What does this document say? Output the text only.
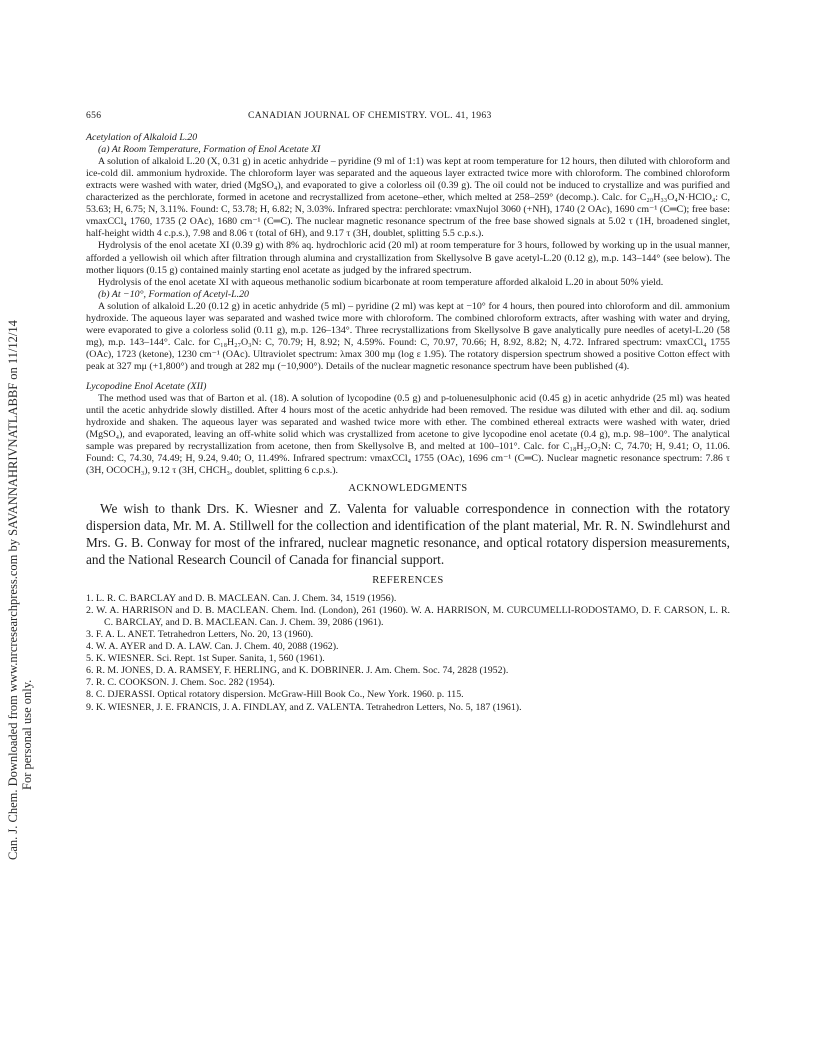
Can. J. Chem. Downloaded from www.nrcresearchpress.com by SAVANNAHRIVNATLABBF on 11/12/14 For personal use only.
656	CANADIAN JOURNAL OF CHEMISTRY. VOL. 41, 1963

Acetylation of Alkaloid L.20

(a) At Room Temperature, Formation of Enol Acetate XI

A solution of alkaloid L.20 (X, 0.31 g) in acetic anhydride – pyridine (9 ml of 1:1) was kept at room temperature for 12 hours, then diluted with chloroform and ice-cold dil. ammonium hydroxide. The chloroform layer was separated and the aqueous layer extracted twice more with chloroform. The combined chloroform extracts were washed with water, dried (MgSO₄), and evaporated to give a colorless oil (0.39 g). The oil could not be induced to crystallize and was purified and characterized as the perchlorate, formed in acetone and recrystallized from acetone–ether, which melted at 258–259° (decomp.). Calc. for C₂₀H₃₃O₄N·HClO₄: C, 53.63; H, 6.75; N, 3.11%. Found: C, 53.78; H, 6.82; N, 3.03%. Infrared spectra: perchlorate: νmaxNujol 3060 (+NH), 1740 (2 OAc), 1690 cm⁻¹ (C═C); free base: νmaxCCl₄ 1760, 1735 (2 OAc), 1680 cm⁻¹ (C═C). The nuclear magnetic resonance spectrum of the free base showed signals at 5.02 τ (1H, broadened singlet, half-height width 4 c.p.s.), 7.98 and 8.06 τ (total of 6H), and 9.17 τ (3H, doublet, splitting 5.5 c.p.s.).

Hydrolysis of the enol acetate XI (0.39 g) with 8% aq. hydrochloric acid (20 ml) at room temperature for 3 hours, followed by working up in the usual manner, afforded a yellowish oil which after filtration through alumina and crystallization from Skellysolve B gave acetyl-L.20 (0.12 g), m.p. 143–144° (see below). The mother liquors (0.15 g) contained mainly starting enol acetate as judged by the infrared spectrum.

Hydrolysis of the enol acetate XI with aqueous methanolic sodium bicarbonate at room temperature afforded alkaloid L.20 in about 50% yield.

(b) At −10°, Formation of Acetyl-L.20

A solution of alkaloid L.20 (0.12 g) in acetic anhydride (5 ml) – pyridine (2 ml) was kept at −10° for 4 hours, then poured into chloroform and dil. ammonium hydroxide. The aqueous layer was separated and washed twice more with chloroform. The combined chloroform extracts, after washing with water and drying, were evaporated to give a colorless solid (0.11 g), m.p. 126–134°. Three recrystallizations from Skellysolve B gave analytically pure needles of acetyl-L.20 (58 mg), m.p. 143–144°. Calc. for C₁₈H₂₇O₃N: C, 70.79; H, 8.92; N, 4.59%. Found: C, 70.97, 70.66; H, 8.92, 8.82; N, 4.72. Infrared spectrum: νmaxCCl₄ 1755 (OAc), 1723 (ketone), 1230 cm⁻¹ (OAc). Ultraviolet spectrum: λmax 300 mμ (log ε 1.95). The rotatory dispersion spectrum showed a positive Cotton effect with peak at 327 mμ (+1,800°) and trough at 282 mμ (−10,900°). Details of the nuclear magnetic resonance spectrum have been published (4).

Lycopodine Enol Acetate (XII)

The method used was that of Barton et al. (18). A solution of lycopodine (0.5 g) and p-toluenesulphonic acid (0.45 g) in acetic anhydride (25 ml) was heated until the acetic anhydride slowly distilled. After 4 hours most of the acetic anhydride had been removed. The residue was diluted with ether and dil. aq. sodium hydroxide and shaken. The aqueous layer was separated and washed twice more with ether. The combined ethereal extracts were washed with water, dried (MgSO₄), and evaporated, leaving an off-white solid which was crystallized from acetone to give lycopodine enol acetate (0.4 g), m.p. 98–100°. The analytical sample was prepared by recrystallization from acetone, then from Skellysolve B, and melted at 100–101°. Calc. for C₁₈H₂₇O₂N: C, 74.70; H, 9.41; O, 11.06. Found: C, 74.30, 74.49; H, 9.24, 9.40; O, 11.49%. Infrared spectrum: νmaxCCl₄ 1755 (OAc), 1696 cm⁻¹ (C═C). Nuclear magnetic resonance spectrum: 7.86 τ (3H, OCOCH₃), 9.12 τ (3H, CHCH₃, doublet, splitting 6 c.p.s.).

ACKNOWLEDGMENTS

We wish to thank Drs. K. Wiesner and Z. Valenta for valuable correspondence in connection with the rotatory dispersion data, Mr. M. A. Stillwell for the collection and identification of the plant material, Mr. R. N. Swindlehurst and Mrs. G. B. Conway for most of the infrared, nuclear magnetic resonance, and optical rotatory dispersion measurements, and the National Research Council of Canada for financial support.

REFERENCES
1. L. R. C. BARCLAY and D. B. MACLEAN. Can. J. Chem. 34, 1519 (1956).
2. W. A. HARRISON and D. B. MACLEAN. Chem. Ind. (London), 261 (1960). W. A. HARRISON, M. CURCUMELLI-RODOSTAMO, D. F. CARSON, L. R. C. BARCLAY, and D. B. MACLEAN. Can. J. Chem. 39, 2086 (1961).
3. F. A. L. ANET. Tetrahedron Letters, No. 20, 13 (1960).
4. W. A. AYER and D. A. LAW. Can. J. Chem. 40, 2088 (1962).
5. K. WIESNER. Sci. Rept. 1st Super. Sanita, 1, 560 (1961).
6. R. M. JONES, D. A. RAMSEY, F. HERLING, and K. DOBRINER. J. Am. Chem. Soc. 74, 2828 (1952).
7. R. C. COOKSON. J. Chem. Soc. 282 (1954).
8. C. DJERASSI. Optical rotatory dispersion. McGraw-Hill Book Co., New York. 1960. p. 115.
9. K. WIESNER, J. E. FRANCIS, J. A. FINDLAY, and Z. VALENTA. Tetrahedron Letters, No. 5, 187 (1961).
